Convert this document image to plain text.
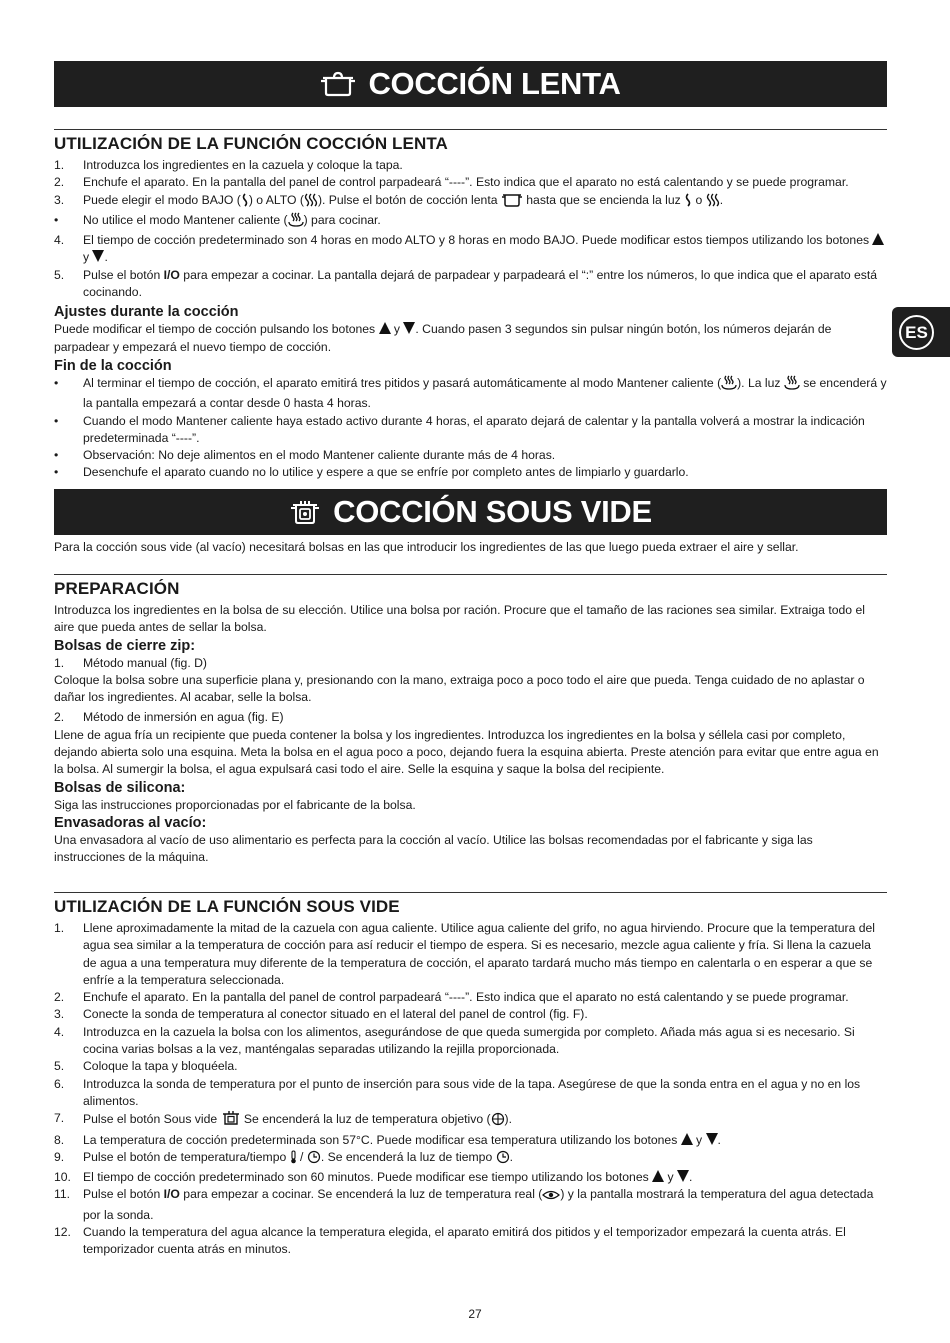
ES
COCCIÓN LENTA
UTILIZACIÓN DE LA FUNCIÓN COCCIÓN LENTA
1. Introduzca los ingredientes en la cazuela y coloque la tapa.
2. Enchufe el aparato. En la pantalla del panel de control parpadeará “----”. Esto indica que el aparato no está calentando y se puede programar.
3. Puede elegir el modo BAJO ( ) o ALTO ( ). Pulse el botón de cocción lenta  hasta que se encienda la luz  o .
• No utilice el modo Mantener caliente ( ) para cocinar.
4. El tiempo de cocción predeterminado son 4 horas en modo ALTO y 8 horas en modo BAJO. Puede modificar estos tiempos utilizando los botones  y .
5. Pulse el botón I/O para empezar a cocinar. La pantalla dejará de parpadear y parpadeará el “:” entre los números, lo que indica que el aparato está cocinando.
Ajustes durante la cocción

Puede modificar el tiempo de cocción pulsando los botones  y . Cuando pasen 3 segundos sin pulsar ningún botón, los números dejarán de parpadear y empezará el nuevo tiempo de cocción.

Fin de la cocción
• Al terminar el tiempo de cocción, el aparato emitirá tres pitidos y pasará automáticamente al modo Mantener caliente ( ). La luz  se encenderá y la pantalla empezará a contar desde 0 hasta 4 horas.
• Cuando el modo Mantener caliente haya estado activo durante 4 horas, el aparato dejará de calentar y la pantalla volverá a mostrar la indicación predeterminada “----”.
• Observación: No deje alimentos en el modo Mantener caliente durante más de 4 horas.
• Desenchufe el aparato cuando no lo utilice y espere a que se enfríe por completo antes de limpiarlo y guardarlo.
COCCIÓN SOUS VIDE

Para la cocción sous vide (al vacío) necesitará bolsas en las que introducir los ingredientes de las que luego pueda extraer el aire y sellar.

PREPARACIÓN

Introduzca los ingredientes en la bolsa de su elección. Utilice una bolsa por ración. Procure que el tamaño de las raciones sea similar. Extraiga todo el aire que pueda antes de sellar la bolsa.

Bolsas de cierre zip:
1. Método manual (fig. D)

Coloque la bolsa sobre una superficie plana y, presionando con la mano, extraiga poco a poco todo el aire que pueda. Tenga cuidado de no aplastar o dañar los ingredientes. Al acabar, selle la bolsa.

2. Método de inmersión en agua (fig. E)

Llene de agua fría un recipiente que pueda contener la bolsa y los ingredientes. Introduzca los ingredientes en la bolsa y séllela casi por completo, dejando abierta solo una esquina. Meta la bolsa en el agua poco a poco, dejando fuera la esquina abierta. Preste atención para evitar que entre agua en la bolsa. Al sumergir la bolsa, el agua expulsará casi todo el aire. Selle la esquina y saque la bolsa del recipiente.

Bolsas de silicona:

Siga las instrucciones proporcionadas por el fabricante de la bolsa.

Envasadoras al vacío:

Una envasadora al vacío de uso alimentario es perfecta para la cocción al vacío. Utilice las bolsas recomendadas por el fabricante y siga las instrucciones de la máquina.

UTILIZACIÓN DE LA FUNCIÓN SOUS VIDE
1. Llene aproximadamente la mitad de la cazuela con agua caliente. Utilice agua caliente del grifo, no agua hirviendo. Procure que la temperatura del agua sea similar a la temperatura de cocción para así reducir el tiempo de espera. Si es necesario, mezcle agua caliente y fría. Si llena la cazuela de agua a una temperatura muy diferente de la temperatura de cocción, el aparato tardará mucho más tiempo en calentarla o en esperar a que se enfríe a la temperatura seleccionada.
2. Enchufe el aparato. En la pantalla del panel de control parpadeará “----”. Esto indica que el aparato no está calentando y se puede programar.
3. Conecte la sonda de temperatura al conector situado en el lateral del panel de control (fig. F).
4. Introduzca en la cazuela la bolsa con los alimentos, asegurándose de que queda sumergida por completo. Añada más agua si es necesario. Si cocina varias bolsas a la vez, manténgalas separadas utilizando la rejilla proporcionada.
5. Coloque la tapa y bloquéela.
6. Introduzca la sonda de temperatura por el punto de inserción para sous vide de la tapa. Asegúrese de que la sonda entra en el agua y no en los alimentos.
7. Pulse el botón Sous vide  Se encenderá la luz de temperatura objetivo ( ).
8. La temperatura de cocción predeterminada son 57°C. Puede modificar esa temperatura utilizando los botones  y .
9. Pulse el botón de temperatura/tiempo  / . Se encenderá la luz de tiempo .
10. El tiempo de cocción predeterminado son 60 minutos. Puede modificar ese tiempo utilizando los botones  y .
11. Pulse el botón I/O para empezar a cocinar. Se encenderá la luz de temperatura real ( ) y la pantalla mostrará la temperatura del agua detectada por la sonda.
12. Cuando la temperatura del agua alcance la temperatura elegida, el aparato emitirá dos pitidos y el temporizador empezará la cuenta atrás. El temporizador cuenta atrás en minutos.
27
